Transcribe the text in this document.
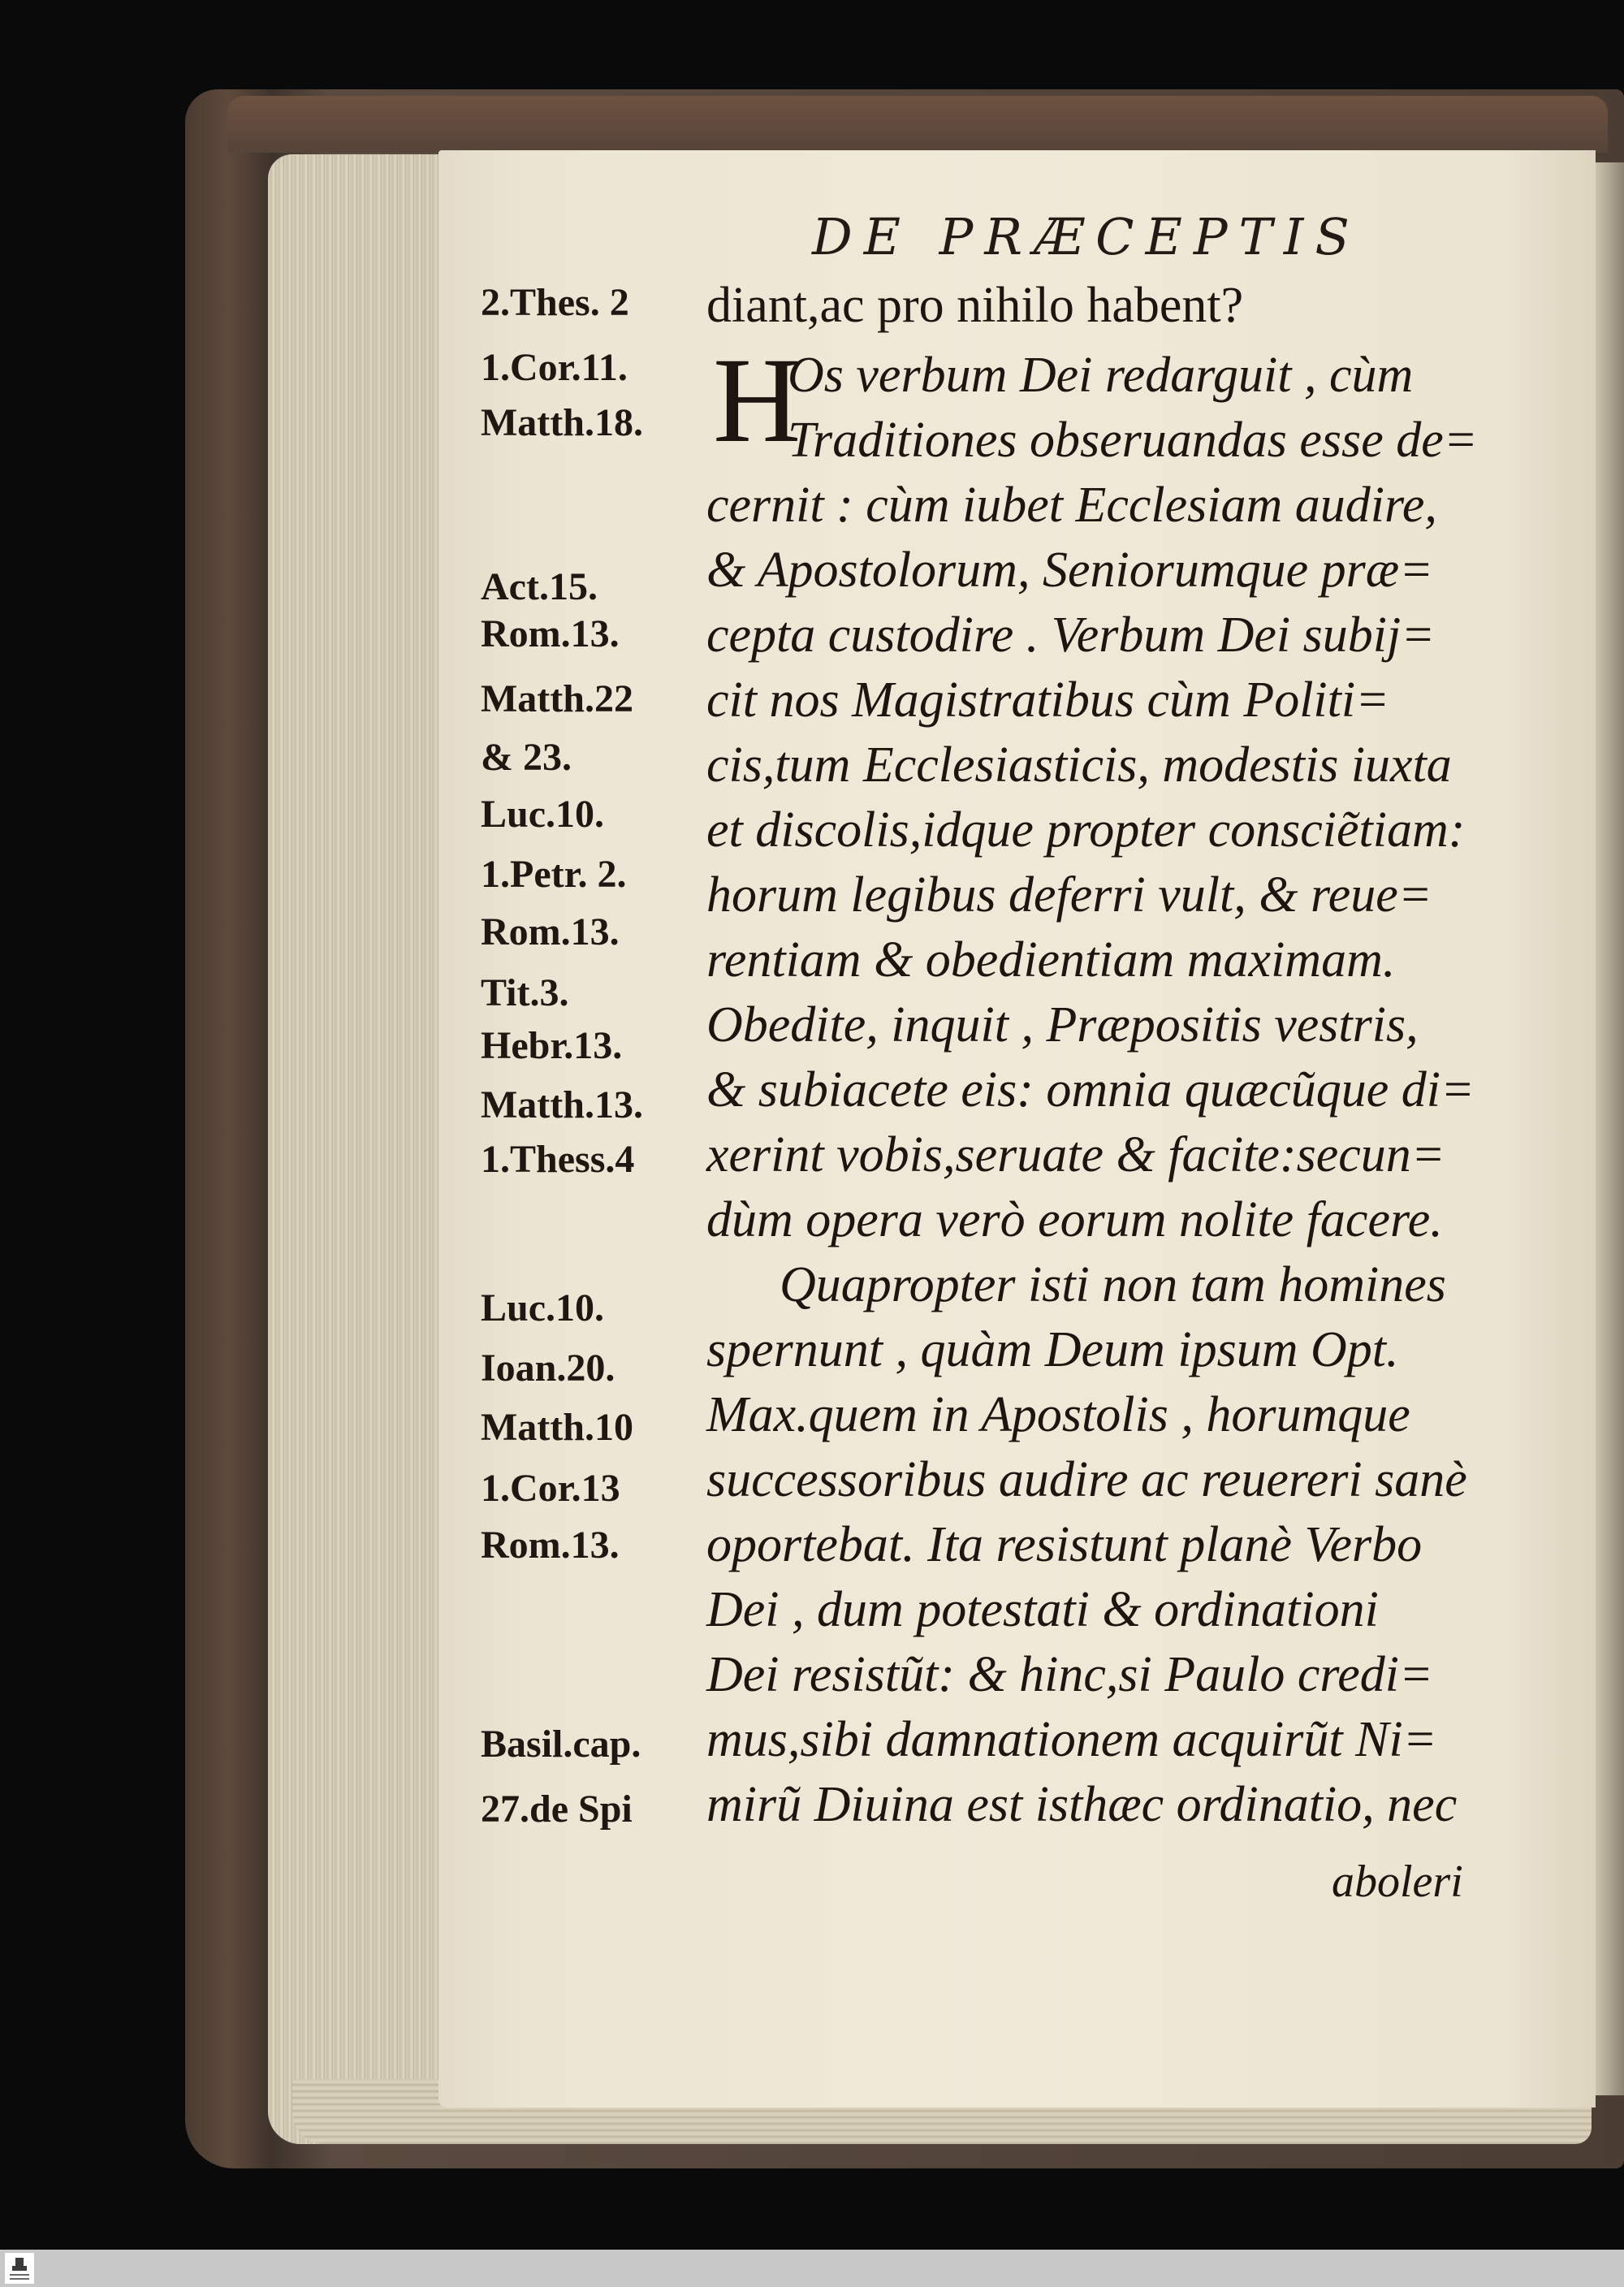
DE PRÆCEPTIS
2.Thes. 2
1.Cor.11.
Matth.18.
Act.15.
Rom.13.
Matth.22
& 23.
Luc.10.
1.Petr. 2.
Rom.13.
Tit.3.
Hebr.13.
Matth.13.
1.Thess.4
Luc.10.
Ioan.20.
Matth.10
1.Cor.13
Rom.13.
Basil.cap.
27.de Spi
H
diant,ac pro nihilo habent?
Os verbum Dei redarguit , cùm
Traditiones obseruandas esse de=
cernit : cùm iubet Ecclesiam audire,
& Apostolorum, Seniorumque præ=
cepta custodire . Verbum Dei subij=
cit nos Magistratibus cùm Politi=
cis,tum Ecclesiasticis, modestis iuxta
et discolis,idque propter consciẽtiam:
horum legibus deferri vult, & reue=
rentiam & obedientiam maximam.
Obedite, inquit , Præpositis vestris,
& subiacete eis: omnia quæcũque di=
xerint vobis,seruate & facite:secun=
dùm opera verò eorum nolite facere.
Quapropter isti non tam homines
spernunt , quàm Deum ipsum Opt.
Max.quem in Apostolis , horumque
successoribus audire ac reuereri sanè
oportebat. Ita resistunt planè Verbo
Dei , dum potestati & ordinationi
Dei resistũt: & hinc,si Paulo credi=
mus,sibi damnationem acquirũt Ni=
mirũ Diuina est isthæc ordinatio, nec
aboleri
